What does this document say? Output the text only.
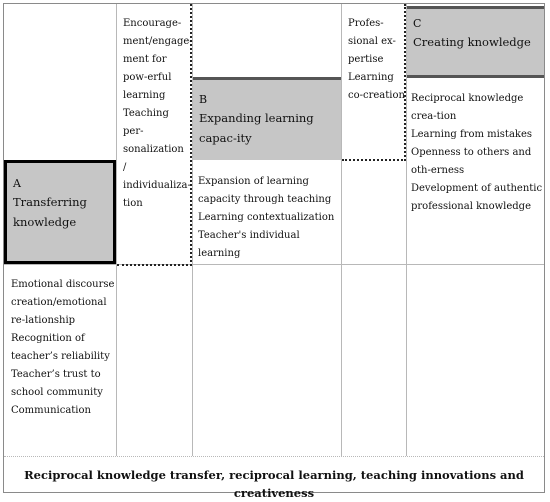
A
Transferring knowledge
Emotional discourse creation/emotional re-lationship
Recognition of teacher’s reliability
Teacher’s trust to school community
Communication
Encourage-ment/engage-ment for pow-erful learning
Teaching per-sonalization / individualiza-tion
B
Expanding learning capac-ity
Expansion of learning capacity through teaching
Learning contextualization
Teacher's individual learning
Profes-sional ex-pertise
Learning co-creation
C
Creating knowledge
Reciprocal knowledge crea-tion
Learning from mistakes
Openness to others and oth-erness
Development of authentic professional knowledge
Reciprocal knowledge transfer, reciprocal learning, teaching innovations and creativeness
